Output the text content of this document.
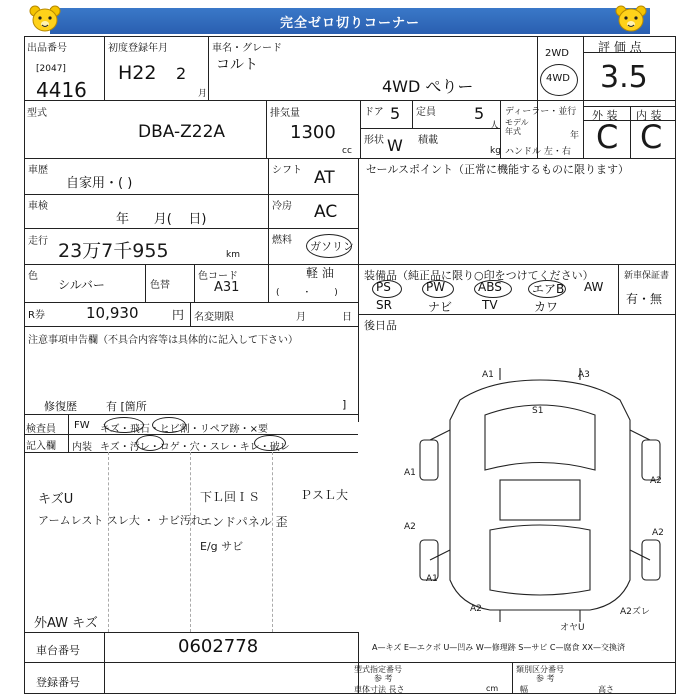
完全ゼロ切りコーナー
出品番号
[2047]
4416
初度登録年月
H22 2
月
車名・グレード
コルト
4WD ぺりー
2WD
4WD
評 価 点
3.5
型式
DBA-Z22A
排気量
1300
cc
ドア 5 定員 5
人
形状 W 積載
kg
ディーラー・並行
モデル
年式	年
ハンドル 左・右
外 装 内 装
C C
車歴
自家用・( )
シフト AT
車検
年      月(    日)
冷房 AC
走行 23万7千955	km
燃料 ガソリン
軽 油
(        ・        )
色
シルバー	色替
色コード
A31
R券	10,930	円 名変期限	月	日
注意事項申告欄（不具合内容等は具体的に記入して下さい）
修復歴	有 [箇所	]
セールスポイント（正常に機能するものに限ります）
装備品（純正品に限り○印をつけてください）	新車保証書
有・無
PS	PW	ABS	エアB AW
SR	ナビ TV	カワ
後日品
検査員
記入欄
FW キズ・飛石・ヒビ割・リペア跡・×要
内装 キズ・汚レ・ロゲ・穴・スレ・キレ・破レ
キズU
アームレスト スレ大 ・ ナビ汚れ
下Ｌ回ＩＳ	ＰスＬ大
エンドパネル 歪
E/g サビ
外AW キズ
車台番号	0602778
登録番号
A1	A3
S1
A1
A2
A2
A1
A2
A2	A2ズレ
オヤU
A—キズ E—エクボ U—凹み W—修理跡 S—サビ C—腐食 XX—交換済
型式指定番号	類別区分番号
参 考	参 考
車体寸法 長さ	cm	幅	高さ
